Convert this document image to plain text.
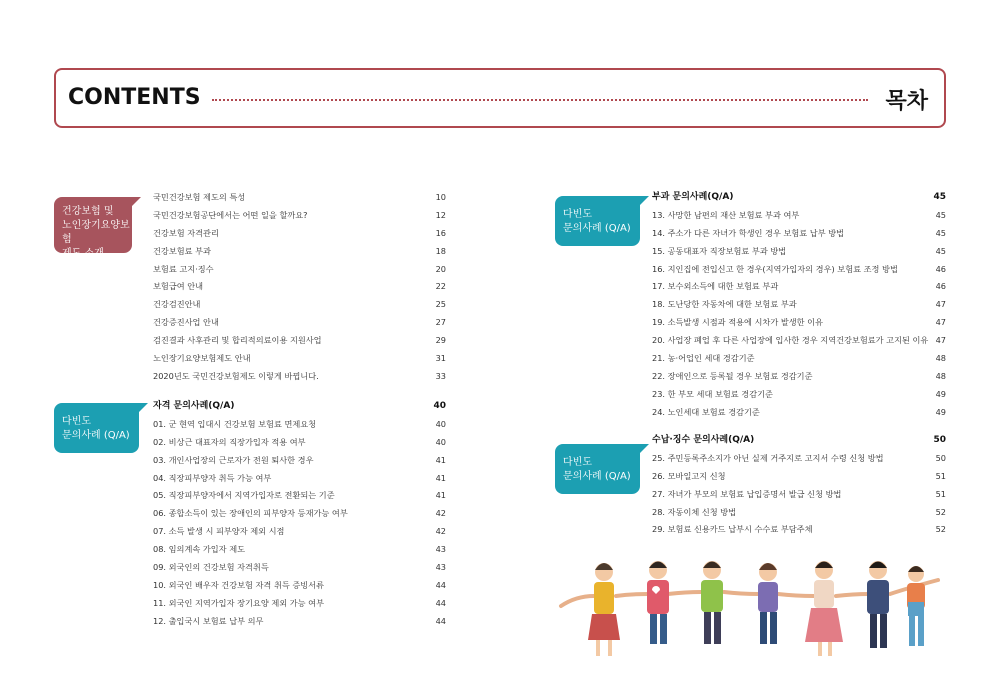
CONTENTS	목차
건강보험 및
노인장기요양보험
제도 소개
국민건강보험 제도의 특성	10
국민건강보험공단에서는 어떤 일을 할까요?	12
건강보험 자격관리	16
건강보험료 부과	18
보험료 고지·징수	20
보험급여 안내	22
건강검진안내	25
건강증진사업 안내	27
검진결과 사후관리 및 합리적의료이용 지원사업	29
노인장기요양보험제도 안내	31
2020년도 국민건강보험제도 이렇게 바뀝니다.	33
다빈도
문의사례 (Q/A)
자격 문의사례(Q/A)	40
01. 군 현역 입대시 건강보험 보험료 면제요청	40
02. 비상근 대표자의 직장가입자 적용 여부	40
03. 개인사업장의 근로자가 전원 퇴사한 경우	41
04. 직장피부양자 취득 가능 여부	41
05. 직장피부양자에서 지역가입자로 전환되는 기준	41
06. 종합소득이 있는 장애인의 피부양자 등재가능 여부	42
07. 소득 발생 시 피부양자 제외 시점	42
08. 임의계속 가입자 제도	43
09. 외국인의 건강보험 자격취득	43
10. 외국인 배우자 건강보험 자격 취득 증빙서류	44
11. 외국인 지역가입자 장기요양 제외 가능 여부	44
12. 출입국시 보험료 납부 의무	44
다빈도
문의사례 (Q/A)
부과 문의사례(Q/A)	45
13. 사망한 남편의 재산 보험료 부과 여부	45
14. 주소가 다른 자녀가 학생인 경우 보험료 납부 방법	45
15. 공동대표자 직장보험료 부과 방법	45
16. 지인집에 전입신고 한 경우(지역가입자의 경우) 보험료 조정 방법	46
17. 보수외소득에 대한 보험료 부과	46
18. 도난당한 자동차에 대한 보험료 부과	47
19. 소득발생 시점과 적용에 시차가 발생한 이유	47
20. 사업장 폐업 후 다른 사업장에 입사한 경우 지역건강보험료가 고지된 이유 47
21. 농·어업인 세대 경감기준	48
22. 장애인으로 등록될 경우 보험료 경감기준	48
23. 한 부모 세대 보험료 경감기준	49
24. 노인세대 보험료 경감기준	49
다빈도
문의사례 (Q/A)
수납·징수 문의사례(Q/A)	50
25. 주민등록주소지가 아닌 실제 거주지로 고지서 수령 신청 방법	50
26. 모바일고지 신청	51
27. 자녀가 부모의 보험료 납입증명서 발급 신청 방법	51
28. 자동이체 신청 방법	52
29. 보험료 신용카드 납부시 수수료 부담주체	52
